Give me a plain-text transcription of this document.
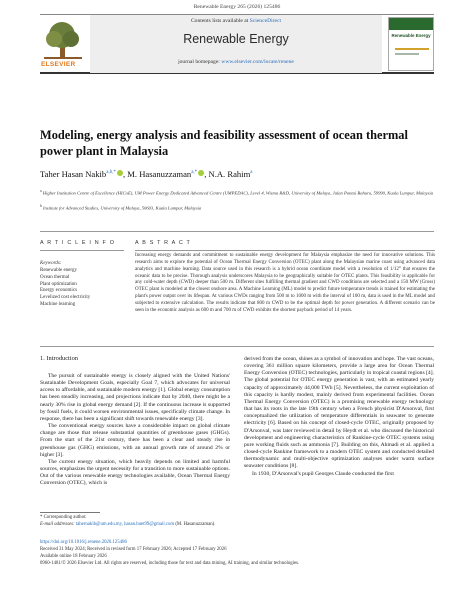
Renewable Energy 265 (2026) 125486
ELSEVIER
Contents lists available at ScienceDirect
Renewable Energy
journal homepage: www.elsevier.com/locate/renene
Renewable Energy
Modeling, energy analysis and feasibility assessment of ocean thermal power plant in Malaysia
Taher Hasan Nakib$^{a,b,*}$ , M. Hasanuzzaman$^{a,*}$ , N.A. Rahim$^a$
$^a$ Higher Institution Centre of Excellence (HICoE), UM Power Energy Dedicated Advanced Centre (UMPEDAC), Level 4, Wisma R&D, University of Malaya, Jalan Pantai Baharu, 59990, Kuala Lumpur, Malaysia
$^b$ Institute for Advanced Studies, University of Malaya, 50603, Kuala Lumpur, Malaysia
A R T I C L E I N F O	A B S T R A C T
Keywords:
Renewable energy
Ocean thermal
Plant optimization
Energy economics
Levelized cost electricity
Machine learning
Increasing energy demands and commitment to sustainable energy development for Malaysia emphasize the need for innovative solutions. This research aims to explore the potential of Ocean Thermal Energy Conversion (OTEC) plant along the Malaysian marine coast using advanced data analytics and machine learning. Data source used in this research is a hybrid ocean coordinate model with a resolution of 1/12° that ensures the oceanic data to be precise. Thorough analysis underscores Malaysia to be geographically suitable for OTEC plants. This feasibility is applicable for any cold-water depth (CWD) deeper than 500 m. Different sites fulfilling thermal gradient and CWD conditions are selected and a 150 MW (Gross) OTEC plant is modeled at the closest onshore area. A Machine Learning (ML) model to predict future temperature trends is trained for estimating the plant's power output over its lifespan. At various CWDs ranging from 500 m to 1000 m with the interval of 100 m, data is used in the ML model and subjected to extensive calculation. The results indicate that 800 m CWD to be the optimal depth for power generation. A different scenario can be seen in the economic analysis as 600 m and 700 m of CWD exhibits the shortest payback period of 14 years.
1. Introduction

The pursuit of sustainable energy is closely aligned with the United Nations' Sustainable Development Goals, especially Goal 7, which advocates for universal access to affordable, and sustainable modern energy [1]. Global energy consumption has been steadily increasing, and projections indicate that by 2040, there might be a nearly 30% rise in global energy demand [2]. If the continuous increase is supported by fossil fuels, it could worsen environmental issues, specifically climate change. In response, there has been a significant shift towards renewable energy [3].

The conventional energy sources have a considerable impact on global climate change are those that release substantial quantities of greenhouse gases (GHGs). From the start of the 21st century, there has been a clear and steady rise in greenhouse gas (GHG) emissions, with an annual growth rate of around 2% or higher [3].

The current energy situation, which heavily depends on limited and harmful sources, emphasizes the urgent necessity for a transition to more sustainable options. Out of the various renewable energy technologies available, Ocean Thermal Energy Conversion (OTEC), which is

derived from the ocean, shines as a symbol of innovation and hope. The vast oceans, covering 361 million square kilometers, provide a large area for Ocean Thermal Energy Conversion (OTEC) technologies, particularly in tropical coastal regions [4]. The global potential for OTEC energy generation is vast, with an estimated yearly capacity of approximately 44,000 TWh [5]. Nevertheless, the current exploitation of this capacity is hardly modest, mainly derived from experimental facilities. Ocean Thermal Energy Conversion (OTEC) is a promising renewable energy technology that has its roots in the late 19th century when a French physicist D'Arsonval, first conceptualized the utilization of temperature differentials in seawater to generate electricity [6]. Based on his concept of closed-cycle OTEC, originally proposed by D'Arsonval, was later reviewed in detail by Heydt et al. who discussed the historical development and engineering characteristics of Rankine-cycle OTEC systems using pure working fluids such as ammonia [7]. Building on this, Ahmadi et al. applied a closed-cycle Rankine framework to a modern OTEC system and conducted detailed thermodynamic and multi-objective optimization analyses under warm surface seawater conditions [8].

In 1930, D'Arsonval's pupil Georges Claude conducted the first

* Corresponding author.
E-mail addresses: tahernakib@um.edu.my, hasan.buet99@gmail.com (M. Hasanuzzaman).
https://doi.org/10.1016/j.renene.2026.125486
Received 31 May 2024; Received in revised form 17 February 2026; Accepted 17 February 2026
Available online 18 February 2026
0960-1481/© 2026 Elsevier Ltd. All rights are reserved, including those for text and data mining, AI training, and similar technologies.
